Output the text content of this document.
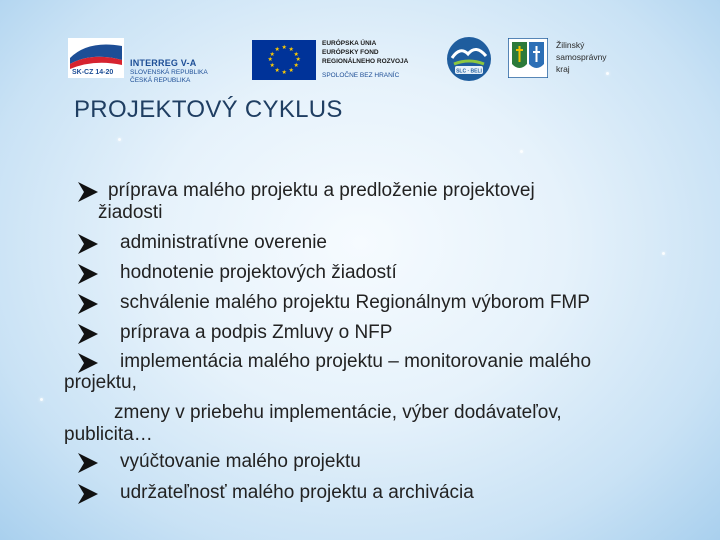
SK-CZ 14-20
INTERREG V-A
SLOVENSKÁ REPUBLIKA
ČESKÁ REPUBLIKA
★ ★
★
★
★
★
★
★
★
★
★
★
EURÓPSKA ÚNIA
EURÓPSKY FOND
REGIONÁLNEHO ROZVOJA
SPOLOČNE BEZ HRANÍC
SLC · BELI
Žilinský
samosprávny
kraj
PROJEKTOVÝ CYKLUS
príprava malého projektu a predloženie projektovej
žiadosti
administratívne overenie
hodnotenie projektových žiadostí
schválenie malého projektu Regionálnym výborom FMP
príprava a podpis Zmluvy o NFP
implementácia malého projektu – monitorovanie malého
projektu,
zmeny v priebehu implementácie, výber dodávateľov,
publicita…
vyúčtovanie malého projektu
udržateľnosť malého projektu a archivácia
